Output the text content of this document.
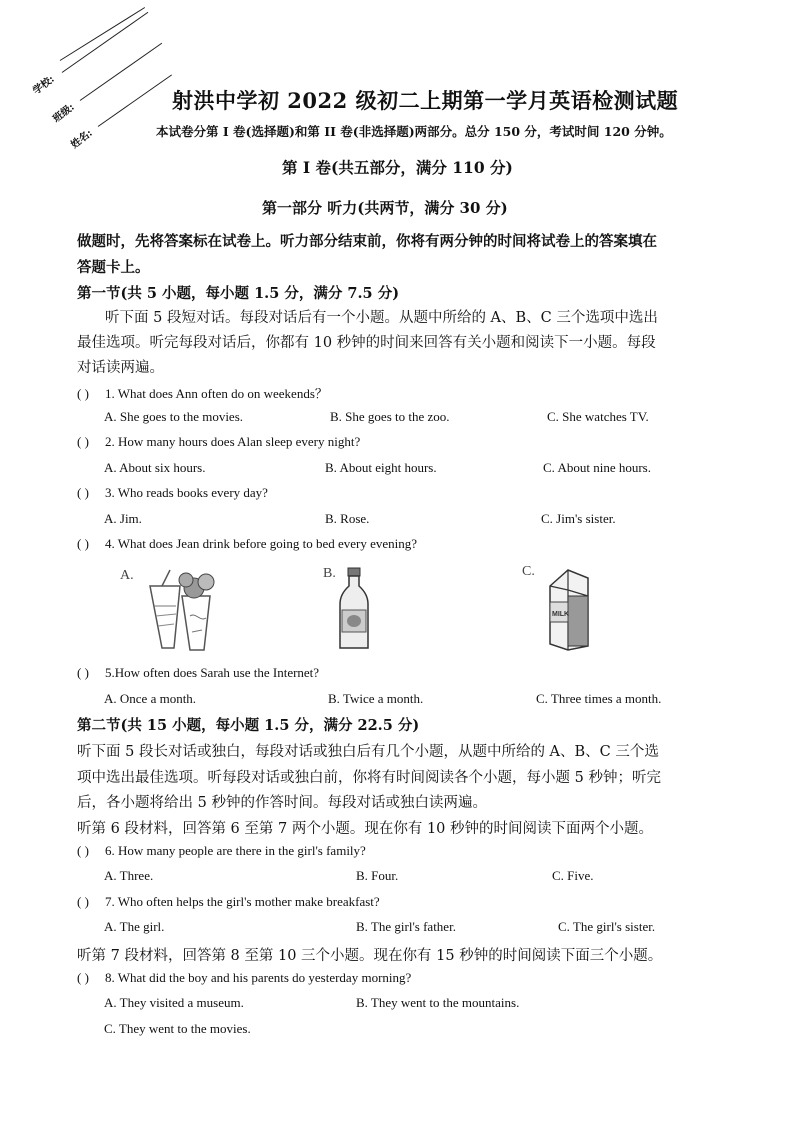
学校:
班级:
姓名:
射洪中学初 2022 级初二上期第一学月英语检测试题
本试卷分第 I 卷(选择题)和第 II 卷(非选择题)两部分。总分 150 分，考试时间 120 分钟。
第 I 卷(共五部分，满分 110 分)
第一部分 听力(共两节，满分 30 分)
做题时，先将答案标在试卷上。听力部分结束前，你将有两分钟的时间将试卷上的答案填在
答题卡上。
第一节(共 5 小题，每小题 1.5 分，满分 7.5 分)
听下面 5 段短对话。每段对话后有一个小题。从题中所给的 A、B、C 三个选项中选出
最佳选项。听完每段对话后，你都有 10 秒钟的时间来回答有关小题和阅读下一小题。每段
对话读两遍。
( ) 1. What does Ann often do on weekends？
A. She goes to the movies.	B. She goes to the zoo.	C. She watches TV.
( ) 2. How many hours does Alan sleep every night?
A. About six hours.	B. About eight hours.	C. About nine hours.
( ) 3. Who reads books every day?
A. Jim.	B. Rose.	C. Jim's sister.
( ) 4. What does Jean drink before going to bed every evening?
A.	B.	C.
MILK
( ) 5.How often does Sarah use the Internet?
A. Once a month.	B. Twice a month.	C. Three times a month.
第二节(共 15 小题，每小题 1.5 分，满分 22.5 分)
听下面 5 段长对话或独白，每段对话或独白后有几个小题，从题中所给的 A、B、C 三个选
项中选出最佳选项。听每段对话或独白前，你将有时间阅读各个小题，每小题 5 秒钟；听完
后，各小题将给出 5 秒钟的作答时间。每段对话或独白读两遍。
听第 6 段材料，回答第 6 至第 7 两个小题。现在你有 10 秒钟的时间阅读下面两个小题。
( ) 6. How many people are there in the girl's family?
A. Three.	B. Four.	C. Five.
( ) 7. Who often helps the girl's mother make breakfast?
A. The girl.	B. The girl's father.	C. The girl's sister.
听第 7 段材料，回答第 8 至第 10 三个小题。现在你有 15 秒钟的时间阅读下面三个小题。
( ) 8. What did the boy and his parents do yesterday morning?
A. They visited a museum.	B. They went to the mountains.
C. They went to the movies.
